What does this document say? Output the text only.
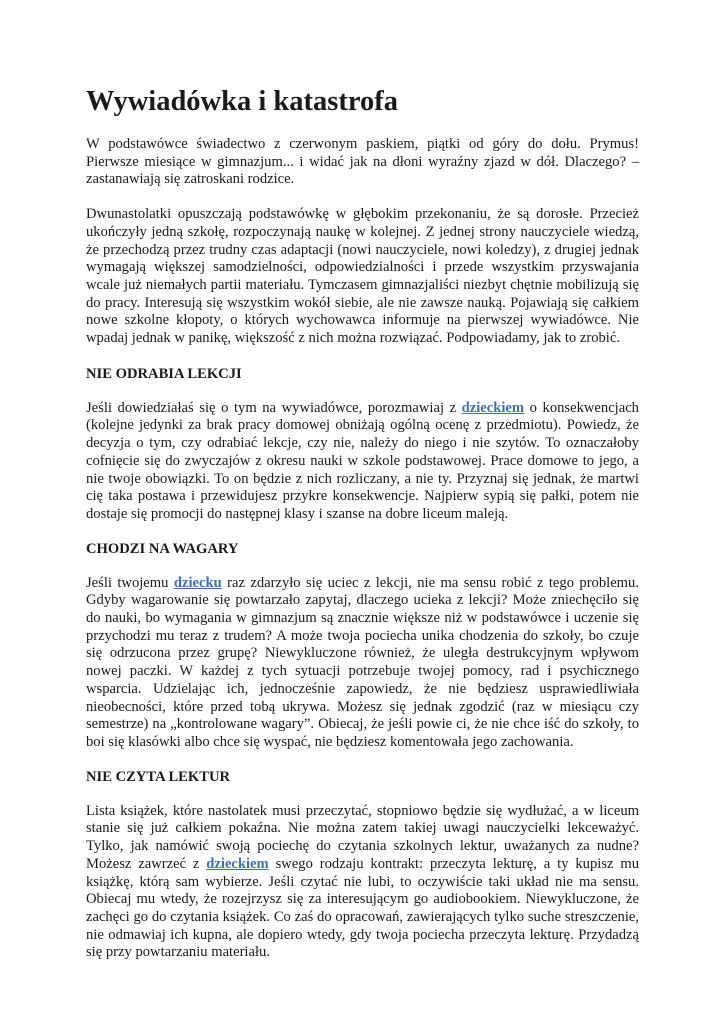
Wywiadówka i katastrofa

W podstawówce świadectwo z czerwonym paskiem, piątki od góry do dołu. Prymus! Pierwsze miesiące w gimnazjum... i widać jak na dłoni wyraźny zjazd w dół. Dlaczego? – zastanawiają się zatroskani rodzice.

Dwunastolatki opuszczają podstawówkę w głębokim przekonaniu, że są dorosłe. Przecież ukończyły jedną szkołę, rozpoczynają naukę w kolejnej. Z jednej strony nauczyciele wiedzą, że przechodzą przez trudny czas adaptacji (nowi nauczyciele, nowi koledzy), z drugiej jednak wymagają większej samodzielności, odpowiedzialności i przede wszystkim przyswajania wcale już niemałych partii materiału. Tymczasem gimnazjaliści niezbyt chętnie mobilizują się do pracy. Interesują się wszystkim wokół siebie, ale nie zawsze nauką. Pojawiają się całkiem nowe szkolne kłopoty, o których wychowawca informuje na pierwszej wywiadówce. Nie wpadaj jednak w panikę, większość z nich można rozwiązać. Podpowiadamy, jak to zrobić.

NIE ODRABIA LEKCJI

Jeśli dowiedziałaś się o tym na wywiadówce, porozmawiaj z dzieckiem o konsekwencjach (kolejne jedynki za brak pracy domowej obniżają ogólną ocenę z przedmiotu). Powiedz, że decyzja o tym, czy odrabiać lekcje, czy nie, należy do niego i nie szytów. To oznaczałoby cofnięcie się do zwyczajów z okresu nauki w szkole podstawowej. Prace domowe to jego, a nie twoje obowiązki. To on będzie z nich rozliczany, a nie ty. Przyznaj się jednak, że martwi cię taka postawa i przewidujesz przykre konsekwencje. Najpierw sypią się pałki, potem nie dostaje się promocji do następnej klasy i szanse na dobre liceum maleją.

CHODZI NA WAGARY

Jeśli twojemu dziecku raz zdarzyło się uciec z lekcji, nie ma sensu robić z tego problemu. Gdyby wagarowanie się powtarzało zapytaj, dlaczego ucieka z lekcji? Może zniechęciło się do nauki, bo wymagania w gimnazjum są znacznie większe niż w podstawówce i uczenie się przychodzi mu teraz z trudem? A może twoja pociecha unika chodzenia do szkoły, bo czuje się odrzucona przez grupę? Niewykluczone również, że uległa destrukcyjnym wpływom nowej paczki. W każdej z tych sytuacji potrzebuje twojej pomocy, rad i psychicznego wsparcia. Udzielając ich, jednocześnie zapowiedz, że nie będziesz usprawiedliwiała nieobecności, które przed tobą ukrywa. Możesz się jednak zgodzić (raz w miesiącu czy semestrze) na „kontrolowane wagary”. Obiecaj, że jeśli powie ci, że nie chce iść do szkoły, to boi się klasówki albo chce się wyspać, nie będziesz komentowała jego zachowania.

NIE CZYTA LEKTUR

Lista książek, które nastolatek musi przeczytać, stopniowo będzie się wydłużać, a w liceum stanie się już całkiem pokaźna. Nie można zatem takiej uwagi nauczycielki lekceważyć. Tylko, jak namówić swoją pociechę do czytania szkolnych lektur, uważanych za nudne? Możesz zawrzeć z dzieckiem swego rodzaju kontrakt: przeczyta lekturę, a ty kupisz mu książkę, którą sam wybierze. Jeśli czytać nie lubi, to oczywiście taki układ nie ma sensu. Obiecaj mu wtedy, że rozejrzysz się za interesującym go audiobookiem. Niewykluczone, że zachęci go do czytania książek. Co zaś do opracowań, zawierających tylko suche streszczenie, nie odmawiaj ich kupna, ale dopiero wtedy, gdy twoja pociecha przeczyta lekturę. Przydadzą się przy powtarzaniu materiału.
